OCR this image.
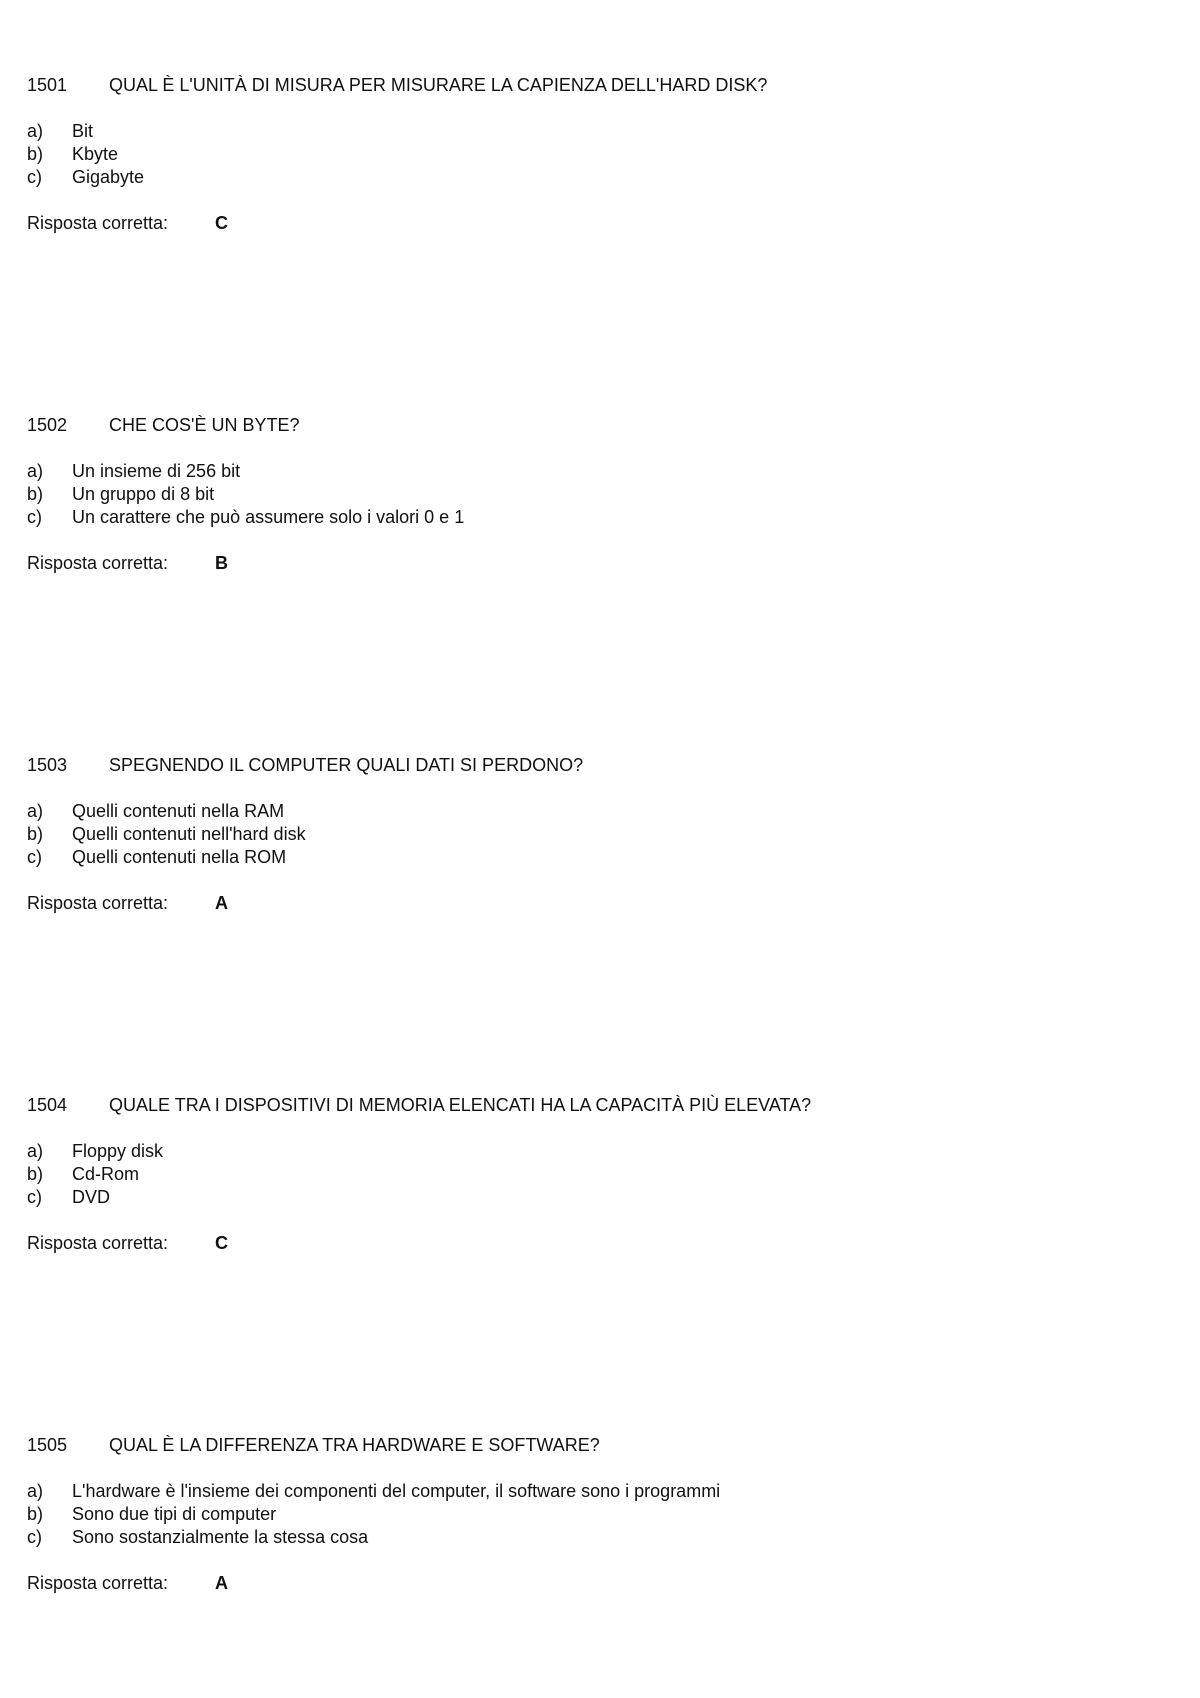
1501	QUAL È L'UNITÀ DI MISURA PER MISURARE LA CAPIENZA DELL'HARD DISK?
a)	Bit
b)	Kbyte
c)	Gigabyte
Risposta corretta:	C
1502	CHE COS'È UN BYTE?
a)	Un insieme di 256 bit
b)	Un gruppo di 8 bit
c)	Un carattere che può assumere solo i valori 0 e 1
Risposta corretta:	B
1503	SPEGNENDO IL COMPUTER QUALI DATI SI PERDONO?
a)	Quelli contenuti nella RAM
b)	Quelli contenuti nell'hard disk
c)	Quelli contenuti nella ROM
Risposta corretta:	A
1504	QUALE TRA I DISPOSITIVI DI MEMORIA ELENCATI HA LA CAPACITÀ PIÙ ELEVATA?
a)	Floppy disk
b)	Cd-Rom
c)	DVD
Risposta corretta:	C
1505	QUAL È LA DIFFERENZA TRA HARDWARE E SOFTWARE?
a)	L'hardware è l'insieme dei componenti del computer, il software sono i programmi
b)	Sono due tipi di computer
c)	Sono sostanzialmente la stessa cosa
Risposta corretta:	A
